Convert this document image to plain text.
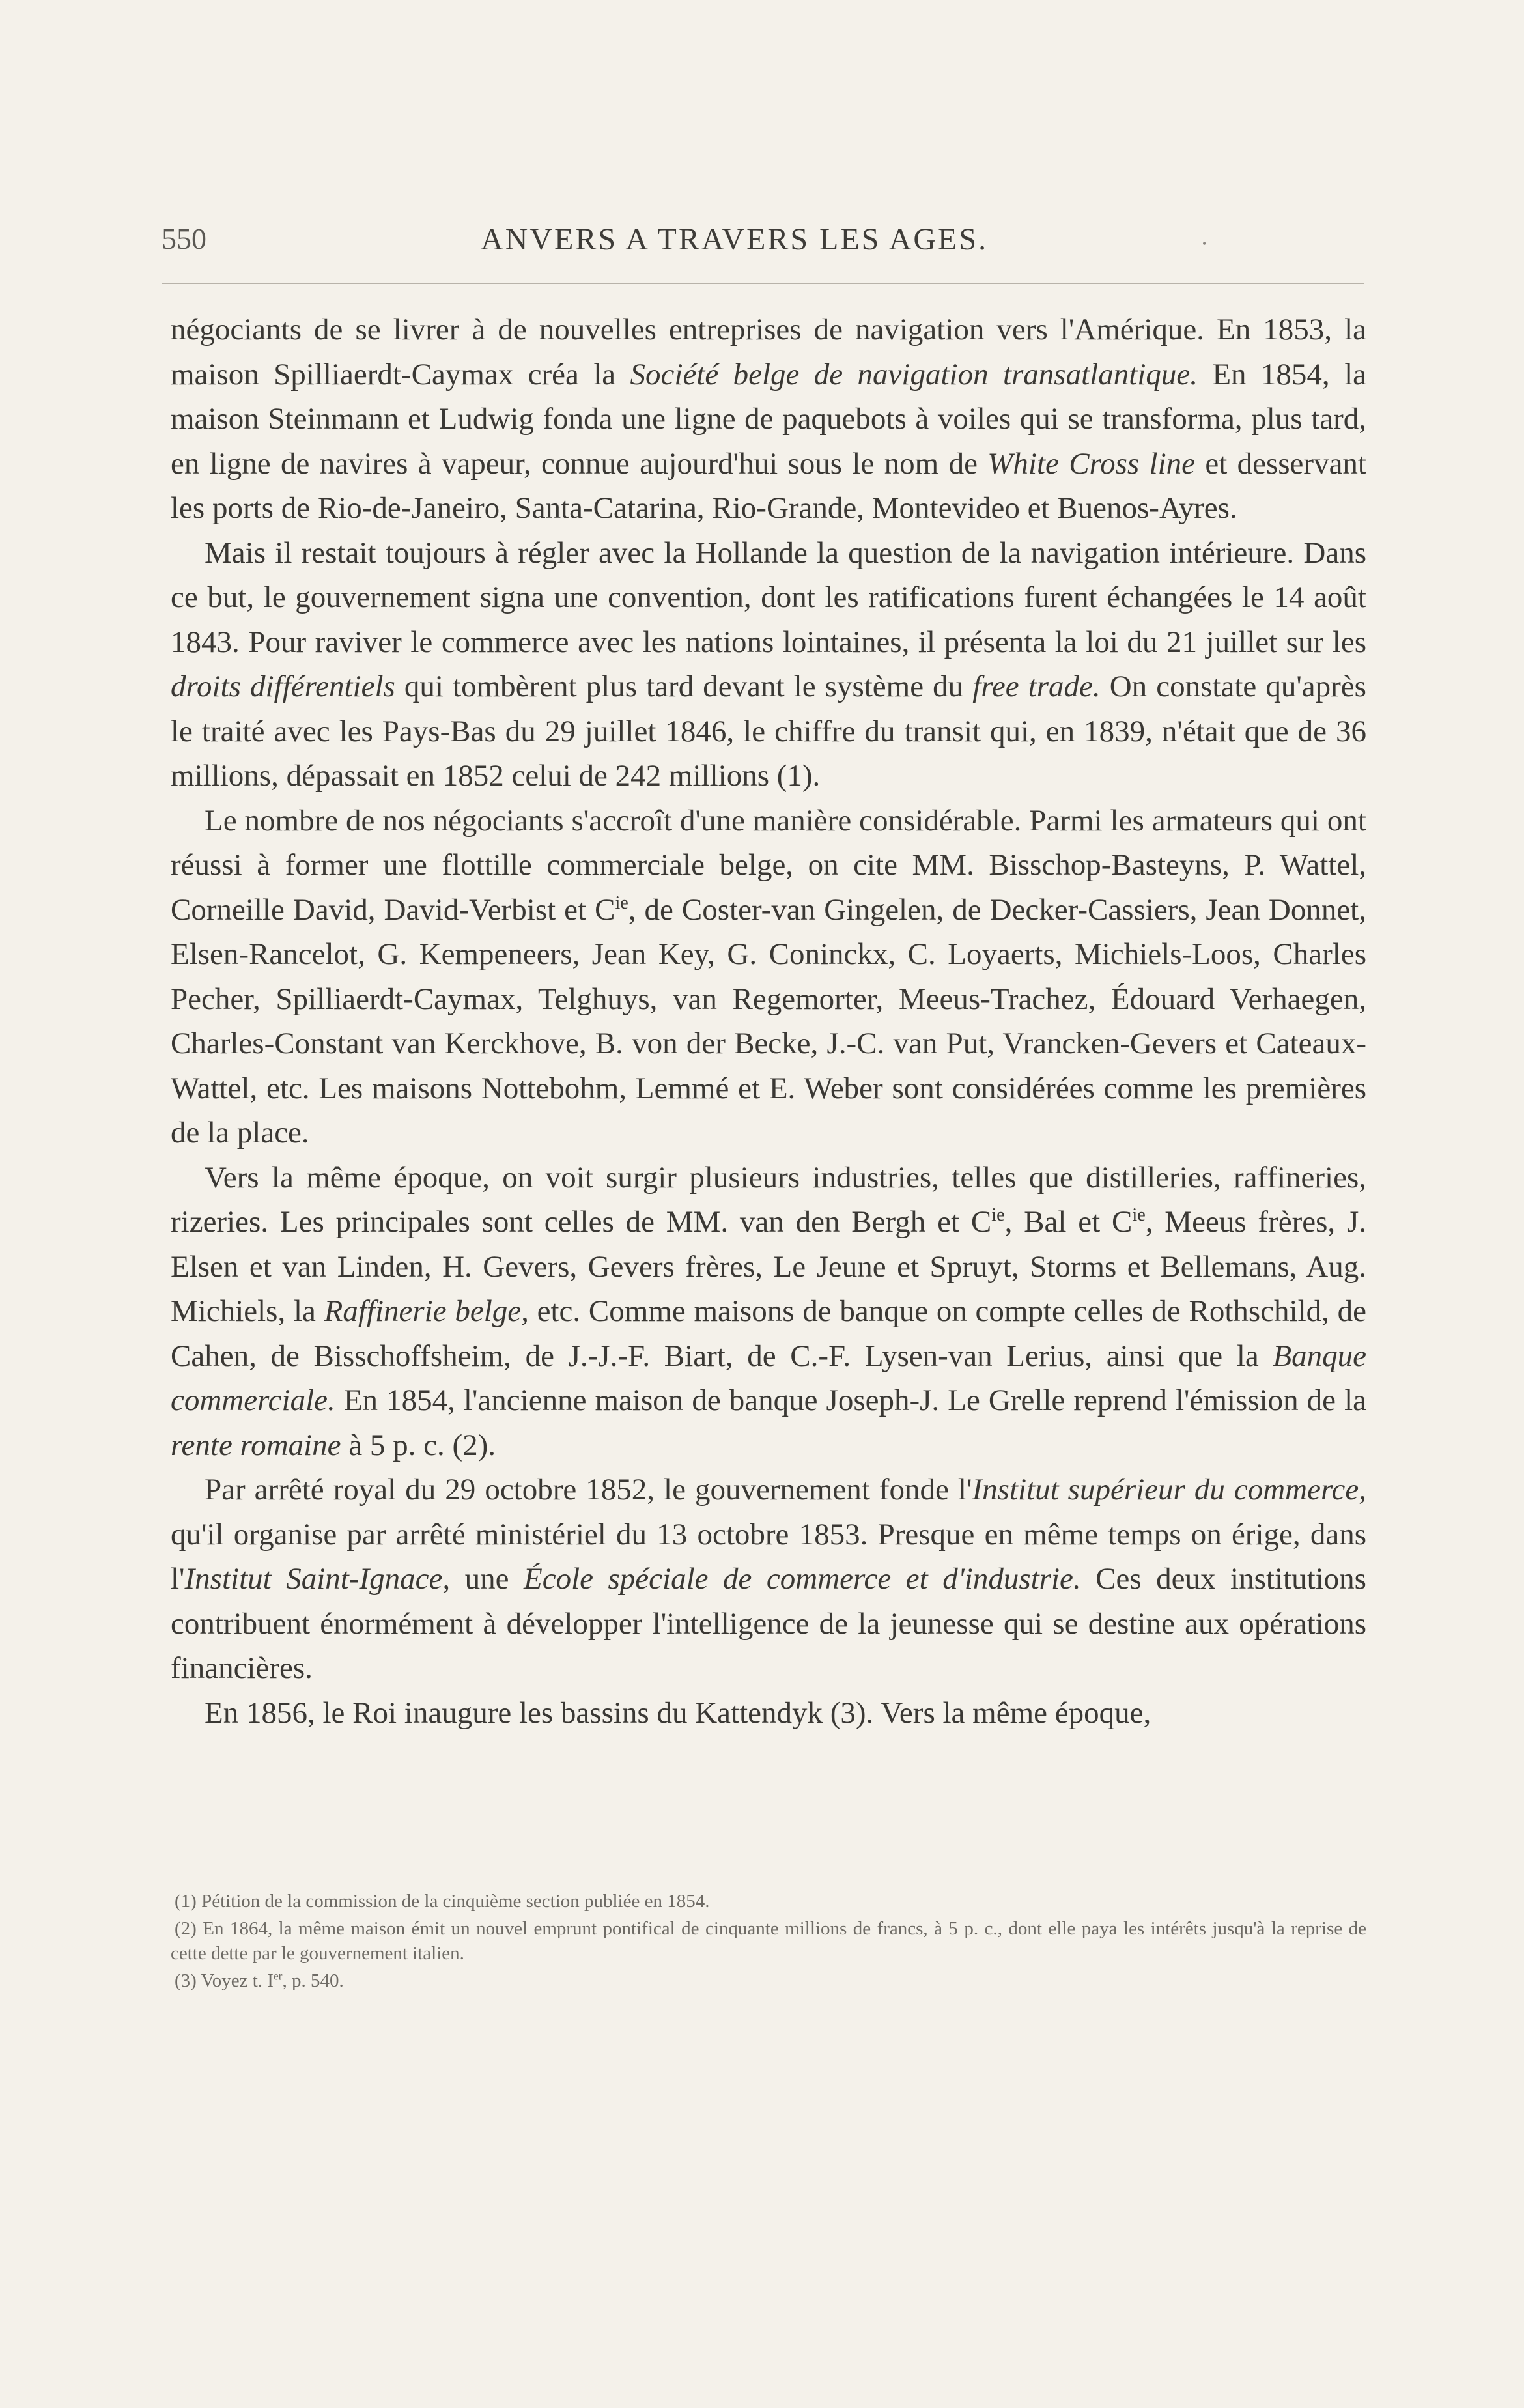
550	ANVERS A TRAVERS LES AGES.	•

négociants de se livrer à de nouvelles entreprises de navigation vers l'Amérique. En 1853, la maison Spilliaerdt-Caymax créa la Société belge de navigation transatlantique. En 1854, la maison Steinmann et Ludwig fonda une ligne de paquebots à voiles qui se transforma, plus tard, en ligne de navires à vapeur, connue aujourd'hui sous le nom de White Cross line et desservant les ports de Rio-de-Janeiro, Santa-Catarina, Rio-Grande, Montevideo et Buenos-Ayres.

Mais il restait toujours à régler avec la Hollande la question de la navigation intérieure. Dans ce but, le gouvernement signa une convention, dont les ratifications furent échangées le 14 août 1843. Pour raviver le commerce avec les nations lointaines, il présenta la loi du 21 juillet sur les droits différentiels qui tombèrent plus tard devant le système du free trade. On constate qu'après le traité avec les Pays-Bas du 29 juillet 1846, le chiffre du transit qui, en 1839, n'était que de 36 millions, dépassait en 1852 celui de 242 millions (1).

Le nombre de nos négociants s'accroît d'une manière considérable. Parmi les armateurs qui ont réussi à former une flottille commerciale belge, on cite MM. Bisschop-Basteyns, P. Wattel, Corneille David, David-Verbist et $C^{ie}$, de Coster-van Gingelen, de Decker-Cassiers, Jean Donnet, Elsen-Rancelot, G. Kempeneers, Jean Key, G. Coninckx, C. Loyaerts, Michiels-Loos, Charles Pecher, Spilliaerdt-Caymax, Telghuys, van Regemorter, Meeus-Trachez, Édouard Verhaegen, Charles-Constant van Kerckhove, B. von der Becke, J.-C. van Put, Vrancken-Gevers et Cateaux-Wattel, etc. Les maisons Nottebohm, Lemmé et E. Weber sont considérées comme les premières de la place.

Vers la même époque, on voit surgir plusieurs industries, telles que distilleries, raffineries, rizeries. Les principales sont celles de MM. van den Bergh et $C^{ie}$, Bal et $C^{ie}$, Meeus frères, J. Elsen et van Linden, H. Gevers, Gevers frères, Le Jeune et Spruyt, Storms et Bellemans, Aug. Michiels, la Raffinerie belge, etc. Comme maisons de banque on compte celles de Rothschild, de Cahen, de Bisschoffsheim, de J.-J.-F. Biart, de C.-F. Lysen-van Lerius, ainsi que la Banque commerciale. En 1854, l'ancienne maison de banque Joseph-J. Le Grelle reprend l'émission de la rente romaine à 5 p. c. (2).

Par arrêté royal du 29 octobre 1852, le gouvernement fonde l'Institut supérieur du commerce, qu'il organise par arrêté ministériel du 13 octobre 1853. Presque en même temps on érige, dans l'Institut Saint-Ignace, une École spéciale de commerce et d'industrie. Ces deux institutions contribuent énormément à développer l'intelligence de la jeunesse qui se destine aux opérations financières.

En 1856, le Roi inaugure les bassins du Kattendyk (3). Vers la même époque,

(1) Pétition de la commission de la cinquième section publiée en 1854.

(2) En 1864, la même maison émit un nouvel emprunt pontifical de cinquante millions de francs, à 5 p. c., dont elle paya les intérêts jusqu'à la reprise de cette dette par le gouvernement italien.

(3) Voyez t. Ier, p. 540.
